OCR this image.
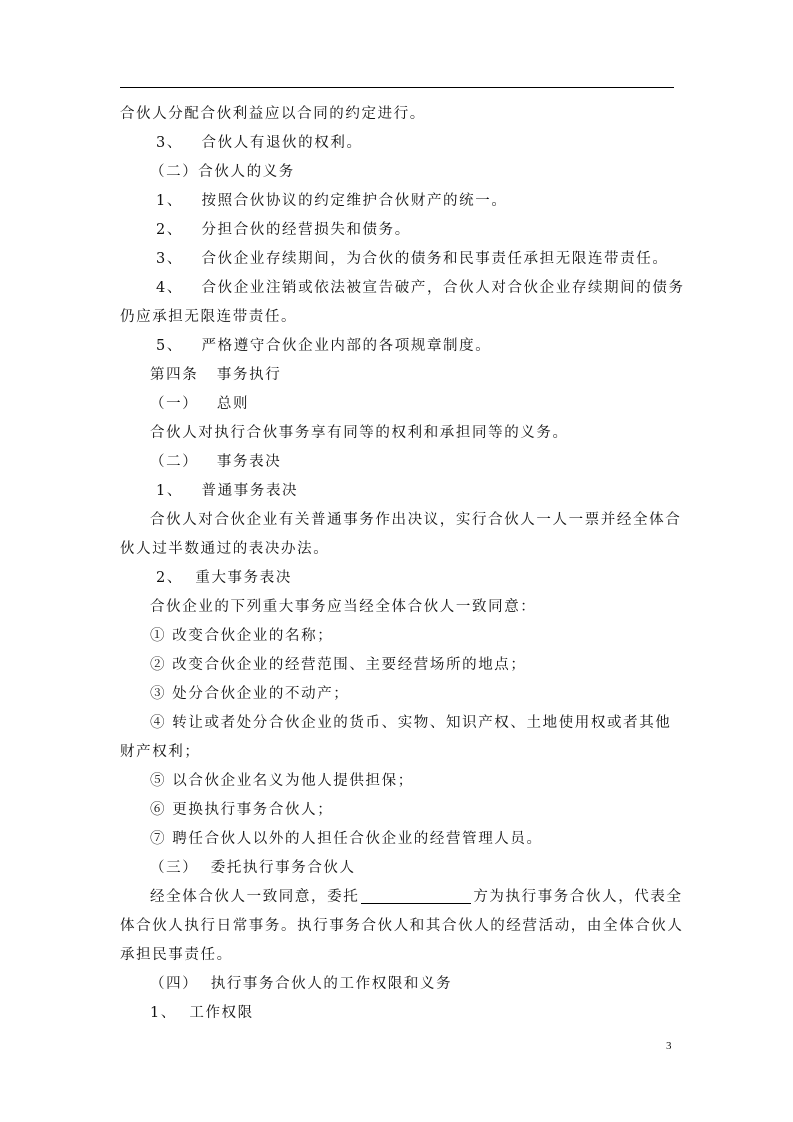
合伙人分配合伙利益应以合同的约定进行。
3、   合伙人有退伙的权利。
（二）合伙人的义务
1、   按照合伙协议的约定维护合伙财产的统一。
2、   分担合伙的经营损失和债务。
3、   合伙企业存续期间，为合伙的债务和民事责任承担无限连带责任。
4、   合伙企业注销或依法被宣告破产，合伙人对合伙企业存续期间的债务
仍应承担无限连带责任。
5、   严格遵守合伙企业内部的各项规章制度。
第四条   事务执行
（一）   总则
合伙人对执行合伙事务享有同等的权利和承担同等的义务。
（二）   事务表决
1、   普通事务表决
合伙人对合伙企业有关普通事务作出决议，实行合伙人一人一票并经全体合
伙人过半数通过的表决办法。
2、  重大事务表决
合伙企业的下列重大事务应当经全体合伙人一致同意：
① 改变合伙企业的名称；
② 改变合伙企业的经营范围、主要经营场所的地点；
③ 处分合伙企业的不动产；
④ 转让或者处分合伙企业的货币、实物、知识产权、土地使用权或者其他
财产权利；
⑤ 以合伙企业名义为他人提供担保；
⑥ 更换执行事务合伙人；
⑦ 聘任合伙人以外的人担任合伙企业的经营管理人员。
（三）  委托执行事务合伙人
经全体合伙人一致同意，委托	方为执行事务合伙人，代表全
体合伙人执行日常事务。执行事务合伙人和其合伙人的经营活动，由全体合伙人
承担民事责任。
（四）  执行事务合伙人的工作权限和义务
1、  工作权限
3
